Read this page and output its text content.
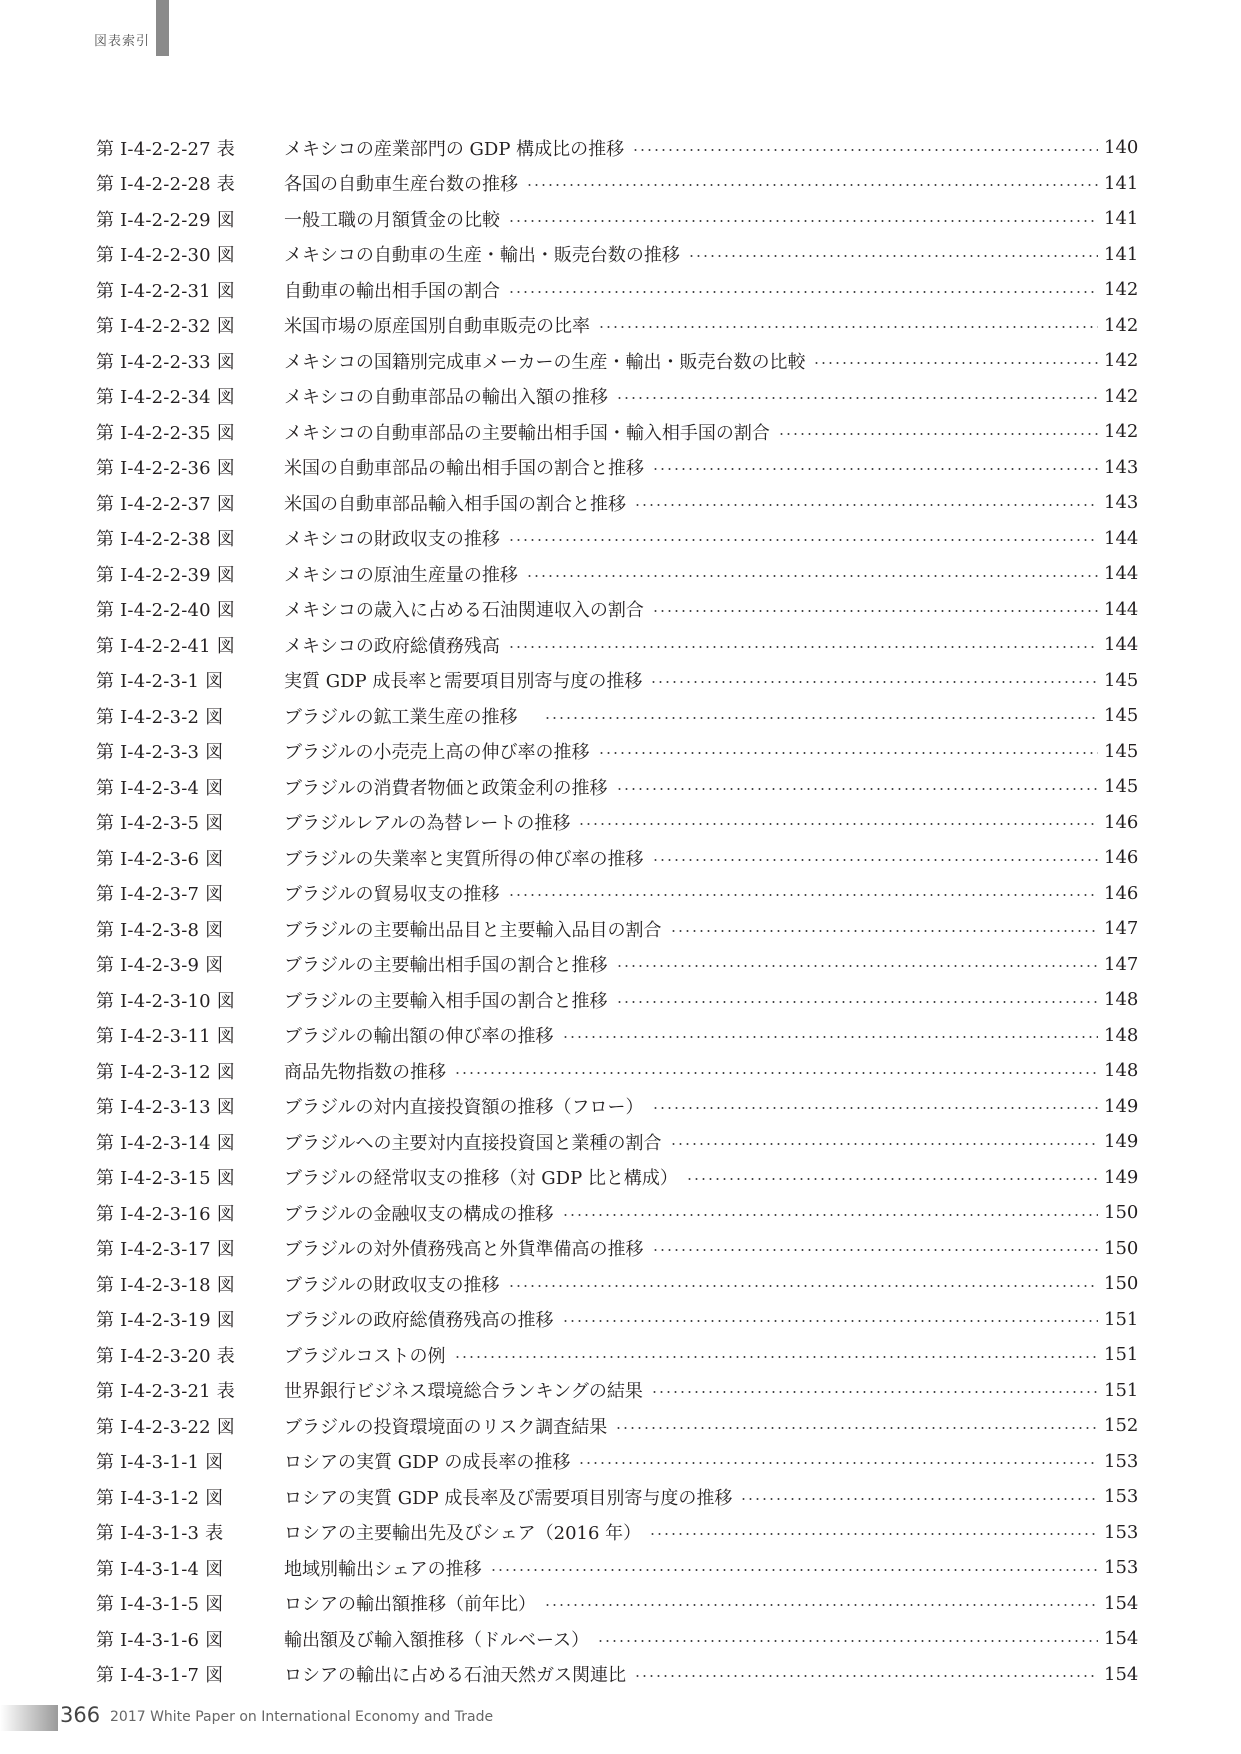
図表索引
第 I-4-2-2-27 表	メキシコの産業部門の GDP 構成比の推移	140
第 I-4-2-2-28 表	各国の自動車生産台数の推移	141
第 I-4-2-2-29 図	一般工職の月額賃金の比較	141
第 I-4-2-2-30 図	メキシコの自動車の生産・輸出・販売台数の推移	141
第 I-4-2-2-31 図	自動車の輸出相手国の割合	142
第 I-4-2-2-32 図	米国市場の原産国別自動車販売の比率	142
第 I-4-2-2-33 図	メキシコの国籍別完成車メーカーの生産・輸出・販売台数の比較	142
第 I-4-2-2-34 図	メキシコの自動車部品の輸出入額の推移	142
第 I-4-2-2-35 図	メキシコの自動車部品の主要輸出相手国・輸入相手国の割合	142
第 I-4-2-2-36 図	米国の自動車部品の輸出相手国の割合と推移	143
第 I-4-2-2-37 図	米国の自動車部品輸入相手国の割合と推移	143
第 I-4-2-2-38 図	メキシコの財政収支の推移	144
第 I-4-2-2-39 図	メキシコの原油生産量の推移	144
第 I-4-2-2-40 図	メキシコの歳入に占める石油関連収入の割合	144
第 I-4-2-2-41 図	メキシコの政府総債務残高	144
第 I-4-2-3-1 図	実質 GDP 成長率と需要項目別寄与度の推移	145
第 I-4-2-3-2 図	ブラジルの鉱工業生産の推移　	145
第 I-4-2-3-3 図	ブラジルの小売売上高の伸び率の推移	145
第 I-4-2-3-4 図	ブラジルの消費者物価と政策金利の推移	145
第 I-4-2-3-5 図	ブラジルレアルの為替レートの推移	146
第 I-4-2-3-6 図	ブラジルの失業率と実質所得の伸び率の推移	146
第 I-4-2-3-7 図	ブラジルの貿易収支の推移	146
第 I-4-2-3-8 図	ブラジルの主要輸出品目と主要輸入品目の割合	147
第 I-4-2-3-9 図	ブラジルの主要輸出相手国の割合と推移	147
第 I-4-2-3-10 図	ブラジルの主要輸入相手国の割合と推移	148
第 I-4-2-3-11 図	ブラジルの輸出額の伸び率の推移	148
第 I-4-2-3-12 図	商品先物指数の推移	148
第 I-4-2-3-13 図	ブラジルの対内直接投資額の推移（フロー）	149
第 I-4-2-3-14 図	ブラジルへの主要対内直接投資国と業種の割合	149
第 I-4-2-3-15 図	ブラジルの経常収支の推移（対 GDP 比と構成）	149
第 I-4-2-3-16 図	ブラジルの金融収支の構成の推移	150
第 I-4-2-3-17 図	ブラジルの対外債務残高と外貨準備高の推移	150
第 I-4-2-3-18 図	ブラジルの財政収支の推移	150
第 I-4-2-3-19 図	ブラジルの政府総債務残高の推移	151
第 I-4-2-3-20 表	ブラジルコストの例	151
第 I-4-2-3-21 表	世界銀行ビジネス環境総合ランキングの結果	151
第 I-4-2-3-22 図	ブラジルの投資環境面のリスク調査結果	152
第 I-4-3-1-1 図	ロシアの実質 GDP の成長率の推移	153
第 I-4-3-1-2 図	ロシアの実質 GDP 成長率及び需要項目別寄与度の推移	153
第 I-4-3-1-3 表	ロシアの主要輸出先及びシェア（2016 年）	153
第 I-4-3-1-4 図	地域別輸出シェアの推移	153
第 I-4-3-1-5 図	ロシアの輸出額推移（前年比）	154
第 I-4-3-1-6 図	輸出額及び輸入額推移（ドルベース）	154
第 I-4-3-1-7 図	ロシアの輸出に占める石油天然ガス関連比	154
366 2017 White Paper on International Economy and Trade
